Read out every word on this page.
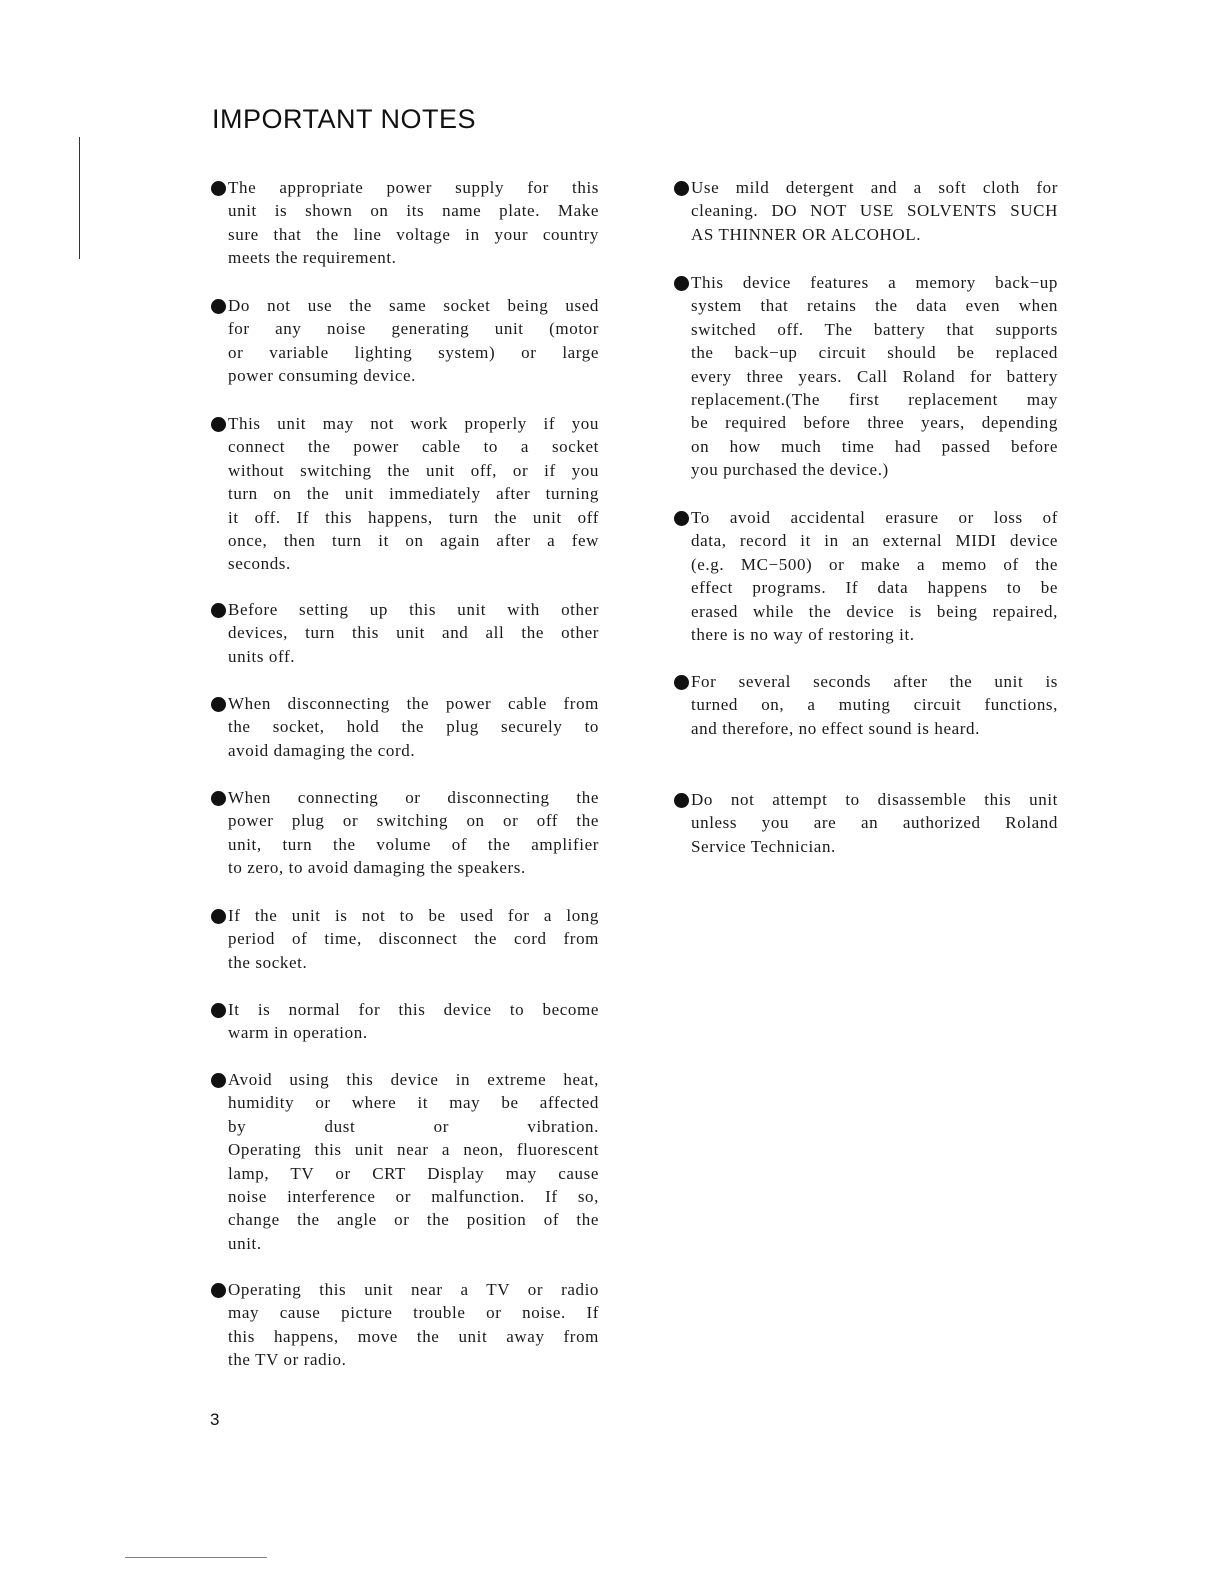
IMPORTANT NOTES
The appropriate power supply for this
unit is shown on its name plate. Make
sure that the line voltage in your country
meets the requirement.
Do not use the same socket being used
for any noise generating unit (motor
or variable lighting system) or large
power consuming device.
This unit may not work properly if you
connect the power cable to a socket
without switching the unit off, or if you
turn on the unit immediately after turning
it off. If this happens, turn the unit off
once, then turn it on again after a few
seconds.
Before setting up this unit with other
devices, turn this unit and all the other
units off.
When disconnecting the power cable from
the socket, hold the plug securely to
avoid damaging the cord.
When connecting or disconnecting the
power plug or switching on or off the
unit, turn the volume of the amplifier
to zero, to avoid damaging the speakers.
If the unit is not to be used for a long
period of time, disconnect the cord from
the socket.
It is normal for this device to become
warm in operation.
Avoid using this device in extreme heat,
humidity or where it may be affected
by dust or vibration.
Operating this unit near a neon, fluorescent
lamp, TV or CRT Display may cause
noise interference or malfunction. If so,
change the angle or the position of the
unit.
Operating this unit near a TV or radio
may cause picture trouble or noise. If
this happens, move the unit away from
the TV or radio.
Use mild detergent and a soft cloth for
cleaning. DO NOT USE SOLVENTS SUCH
AS THINNER OR ALCOHOL.
This device features a memory back−up
system that retains the data even when
switched off. The battery that supports
the back−up circuit should be replaced
every three years. Call Roland for battery
replacement.(The first replacement may
be required before three years, depending
on how much time had passed before
you purchased the device.)
To avoid accidental erasure or loss of
data, record it in an external MIDI device
(e.g. MC−500) or make a memo of the
effect programs. If data happens to be
erased while the device is being repaired,
there is no way of restoring it.
For several seconds after the unit is
turned on, a muting circuit functions,
and therefore, no effect sound is heard.
Do not attempt to disassemble this unit
unless you are an authorized Roland
Service Technician.
3
